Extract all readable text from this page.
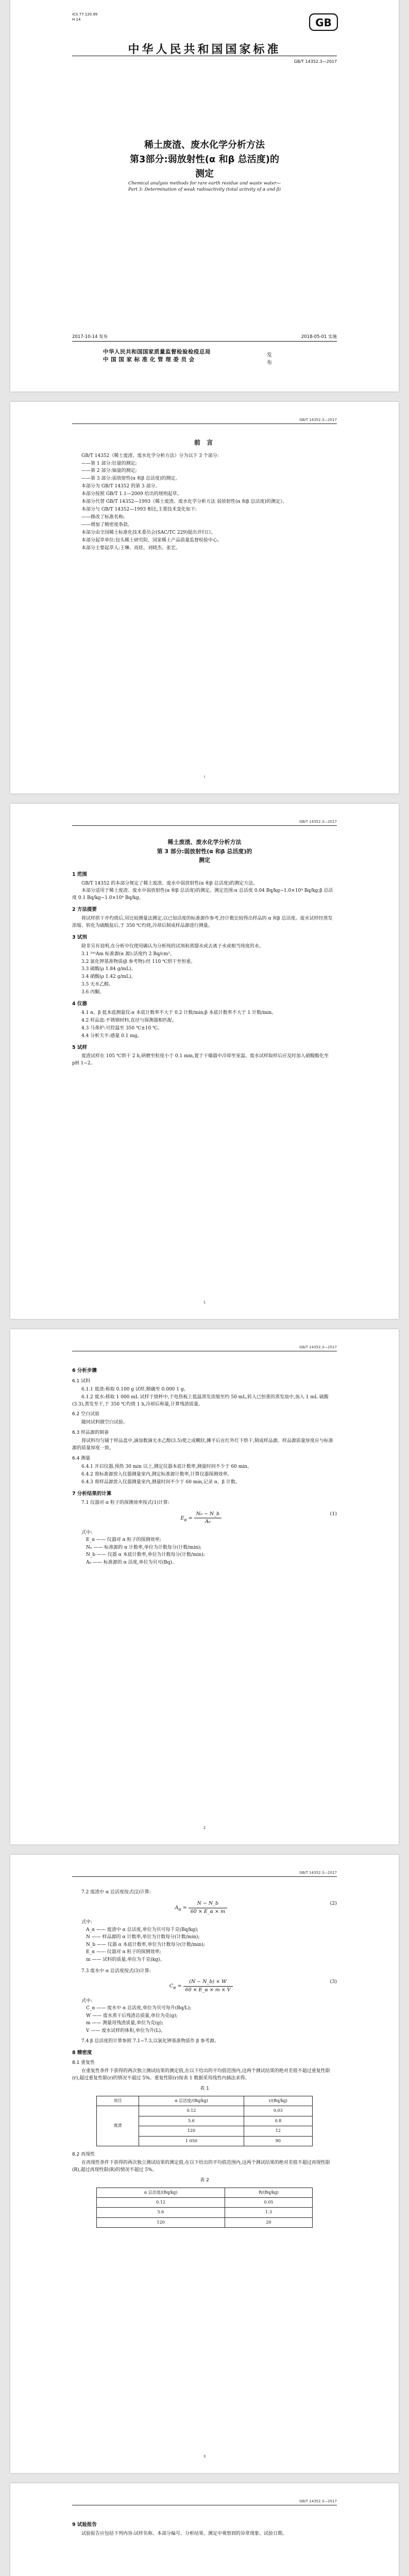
ICS 77.120.99
H 14	GB
中华人民共和国国家标准
GB/T 14352.3—2017
稀土废渣、废水化学分析方法
第3部分:弱放射性(α 和β 总活度)的
测定
Chemical analysis methods for rare earth residue and waste water—
Part 3: Determination of weak radioactivity (total activity of α and β)
2017-10-14 发布	2018-05-01 实施
中华人民共和国国家质量监督检验检疫总局
中 国 国 家 标 准 化 管 理 委 员 会
发布
GB/T 14352.3—2017
前 言
GB/T 14352《稀土废渣、废水化学分析方法》分为以下 3 个部分:
——第 1 部分:钍量的测定;
——第 2 部分:铀量的测定;
——第 3 部分:弱放射性(α 和β 总活度)的测定。
本部分为 GB/T 14352 的第 3 部分。
本部分按照 GB/T 1.1—2009 给出的规则起草。
本部分代替 GB/T 14352—1993《稀土废渣、废水化学分析方法 弱放射性(α 和β 总活度)的测定》。
本部分与 GB/T 14352—1993 相比,主要技术变化如下:
——修改了标准名称;
——增加了精密度条款。
本部分由全国稀土标准化技术委员会(SAC/TC 229)提出并归口。
本部分起草单位:包头稀土研究院、国家稀土产品质量监督检验中心。
本部分主要起草人:王琳、高娃、刘晓杰、张宏。
I
GB/T 14352.3—2017
稀土废渣、废水化学分析方法
第 3 部分:弱放射性(α 和β 总活度)的
测定
1 范围
GB/T 14352 的本部分规定了稀土废渣、废水中弱放射性(α 和β 总活度)的测定方法。
本部分适用于稀土废渣、废水中弱放射性(α 和β 总活度)的测定。测定范围:α 总活度 0.04 Bq/kg~1.0×10⁴ Bq/kg;β 总活度 0.1 Bq/kg~1.0×10⁴ Bq/kg。
2 方法提要
将试样烘干并灼烧后,用比较测量法测定,以已知活度的标准源作参考,经计数比较得出样品的 α 和β 总活度。废水试样经蒸发浓缩、转化为硫酸盐后,于 350 ℃灼烧,冷却后制成样品源进行测量。
3 试剂
除非另有说明,在分析中仅使用确认为分析纯的试剂和蒸馏水或去离子水或相当纯度的水。
3.1 ²⁴¹Am 标准源(α 源):活度约 2 Bq/cm²。
3.2 氯化钾基准物质(β 参考物):经 110 ℃烘干至恒重。
3.3 硫酸(ρ 1.84 g/mL)。
3.4 硝酸(ρ 1.42 g/mL)。
3.5 无水乙醇。
3.6 丙酮。
4 仪器
4.1 α、β 低本底测量仪:α 本底计数率不大于 0.2 计数/min;β 本底计数率不大于 1 计数/min。
4.2 样品盘:不锈钢材料,直径与探测器相匹配。
4.3 马弗炉:可控温至 350 ℃±10 ℃。
4.4 分析天平:感量 0.1 mg。
5 试样
废渣试样在 105 ℃烘干 2 h,研磨至粒度小于 0.1 mm,置于干燥器中冷却至室温。废水试样取样后应及时加入硝酸酸化至 pH 1~2。
1
GB/T 14352.3—2017
6 分析步骤
6.1 试料
6.1.1 废渣:称取 0.100 g 试样,精确至 0.000 1 g。
6.1.2 废水:移取 1 000 mL 试样于烧杯中,于电热板上低温蒸发浓缩至约 50 mL,转入已恒重的蒸发皿中,加入 1 mL 硫酸(3.3),蒸发至干,于 350 ℃灼烧 1 h,冷却后称量,计算残渣质量。
6.2 空白试验
随同试料做空白试验。
6.3 样品源的制备
将试料均匀铺于样品盘中,滴加数滴无水乙醇(3.5)使之成糊状,摊平后在红外灯下烘干,制成样品源。样品源质量厚度应与标准源的质量厚度一致。
6.4 测量
6.4.1 开启仪器,预热 30 min 以上,测定仪器本底计数率,测量时间不少于 60 min。
6.4.2 将标准源放入仪器测量室内,测定标准源计数率,计算仪器探测效率。
6.4.3 将样品源放入仪器测量室内,测量时间不少于 60 min,记录 α、β 计数。
7 分析结果的计算
7.1 仪器对 α 粒子的探测效率按式(1)计算:
$E_\alpha = \frac{\text{N₀ − N\_b}}{\text{A₀}}$	(1)
式中:
E_α —— 仪器对 α 粒子的探测效率;
N₀ —— 标准源的 α 计数率,单位为计数每分(计数/min);
N_b —— 仪器 α 本底计数率,单位为计数每分(计数/min);
A₀ —— 标准源的 α 活度,单位为贝可(Bq)。
2
GB/T 14352.3—2017
7.2 废渣中 α 总活度按式(2)计算:
$A_\alpha = \frac{N - N\_b}{60 \times E\_\alpha \times m}$	(2)
式中:
A_α —— 废渣中 α 总活度,单位为贝可每千克(Bq/kg);
N —— 样品源的 α 计数率,单位为计数每分(计数/min);
N_b —— 仪器 α 本底计数率,单位为计数每分(计数/min);
E_α —— 仪器对 α 粒子的探测效率;
m —— 试料的质量,单位为千克(kg)。
7.3 废水中 α 总活度按式(3)计算:
$C_\alpha = \frac{(N - N\_b) \times W}{60 \times E\_\alpha \times m \times V}$	(3)
式中:
C_α —— 废水中 α 总活度,单位为贝可每升(Bq/L);
W —— 废水蒸干后残渣总质量,单位为克(g);
m —— 测量用残渣质量,单位为克(g);
V —— 废水试样的体积,单位为升(L)。
7.4 β 总活度的计算参照 7.1~7.3,以氯化钾基准物质作 β 参考源。
8 精密度
8.1 重复性
在重复性条件下获得的两次独立测试结果的测定值,在以下给出的平均值范围内,这两个测试结果的绝对差值不超过重复性限(r),超过重复性限(r)的情况不超过 5%。重复性限(r)按表 1 数据采用线性内插法求得。
表 1
项目	α 总活度/(Bq/kg)	r/(Bq/kg)
废渣	0.12	0.03
	5.6	0.8
	120	12
	1 050	90
8.2 再现性
在再现性条件下获得的两次独立测试结果的测定值,在以下给出的平均值范围内,这两个测试结果的绝对差值不超过再现性限(R),超过再现性限(R)的情况不超过 5%。
表 2
α 总活度/(Bq/kg)	R/(Bq/kg)
0.12	0.05
5.6	1.3
120	20
3
GB/T 14352.3—2017
9 试验报告
试验报告应包括下列内容:试样名称、本部分编号、分析结果、测定中观察到的异常现象、试验日期。
